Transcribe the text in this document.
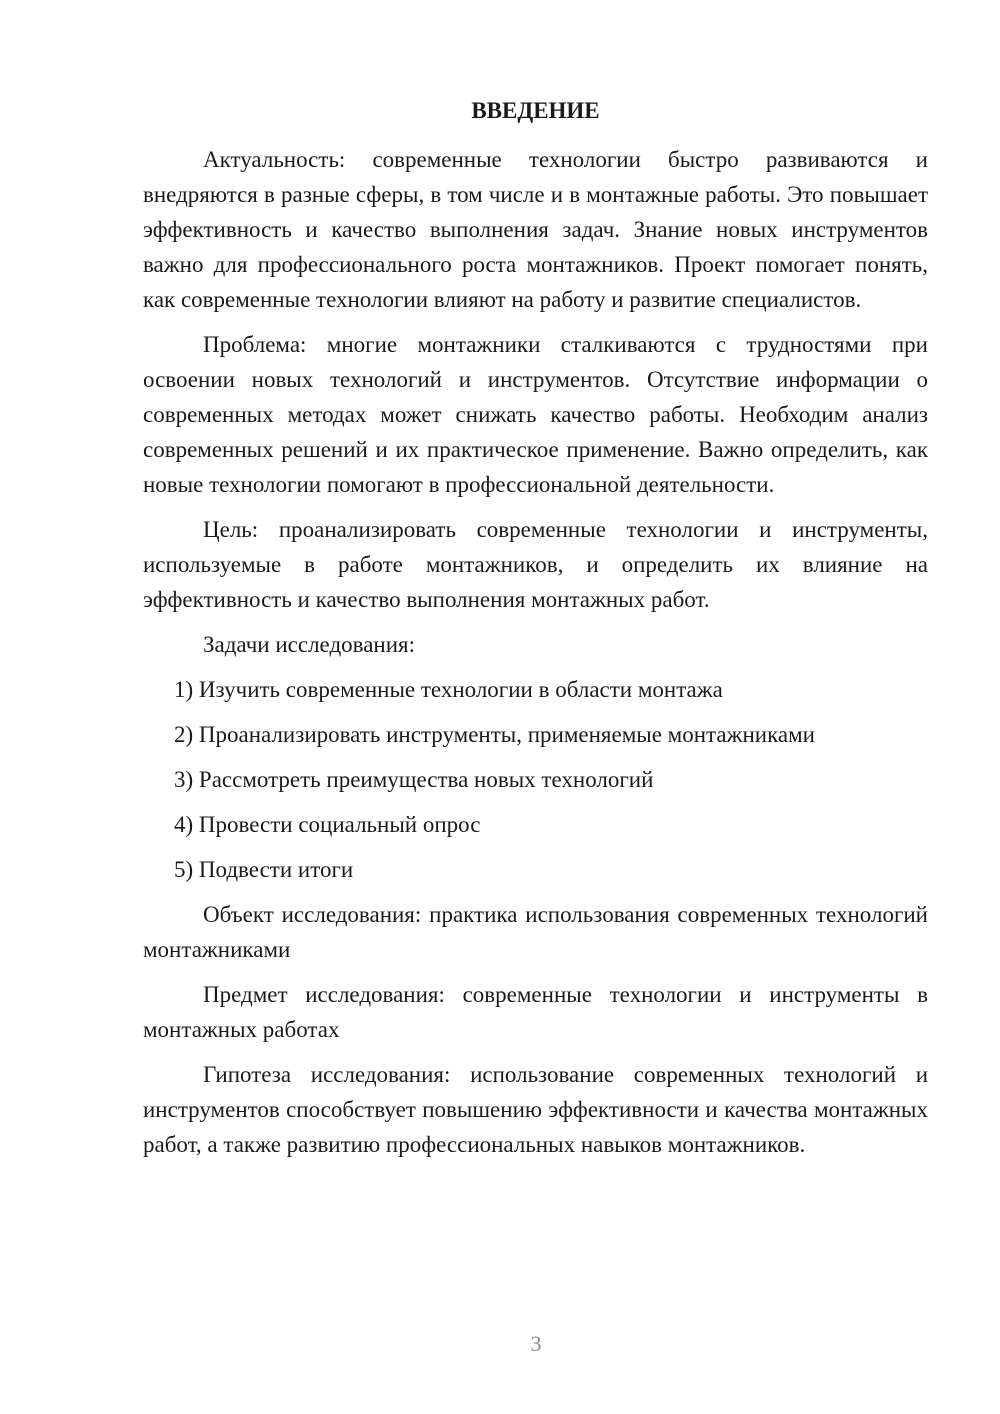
ВВЕДЕНИЕ

Актуальность: современные технологии быстро развиваются и внедряются в разные сферы, в том числе и в монтажные работы. Это повышает эффективность и качество выполнения задач. Знание новых инструментов важно для профессионального роста монтажников. Проект помогает понять, как современные технологии влияют на работу и развитие специалистов.

Проблема: многие монтажники сталкиваются с трудностями при освоении новых технологий и инструментов. Отсутствие информации о современных методах может снижать качество работы. Необходим анализ современных решений и их практическое применение. Важно определить, как новые технологии помогают в профессиональной деятельности.

Цель: проанализировать современные технологии и инструменты, используемые в работе монтажников, и определить их влияние на эффективность и качество выполнения монтажных работ.

Задачи исследования:

1) Изучить современные технологии в области монтажа
2) Проанализировать инструменты, применяемые монтажниками
3) Рассмотреть преимущества новых технологий
4) Провести социальный опрос
5) Подвести итоги

Объект исследования: практика использования современных технологий монтажниками

Предмет исследования: современные технологии и инструменты в монтажных работах

Гипотеза исследования: использование современных технологий и инструментов способствует повышению эффективности и качества монтажных работ, а также развитию профессиональных навыков монтажников.

3
